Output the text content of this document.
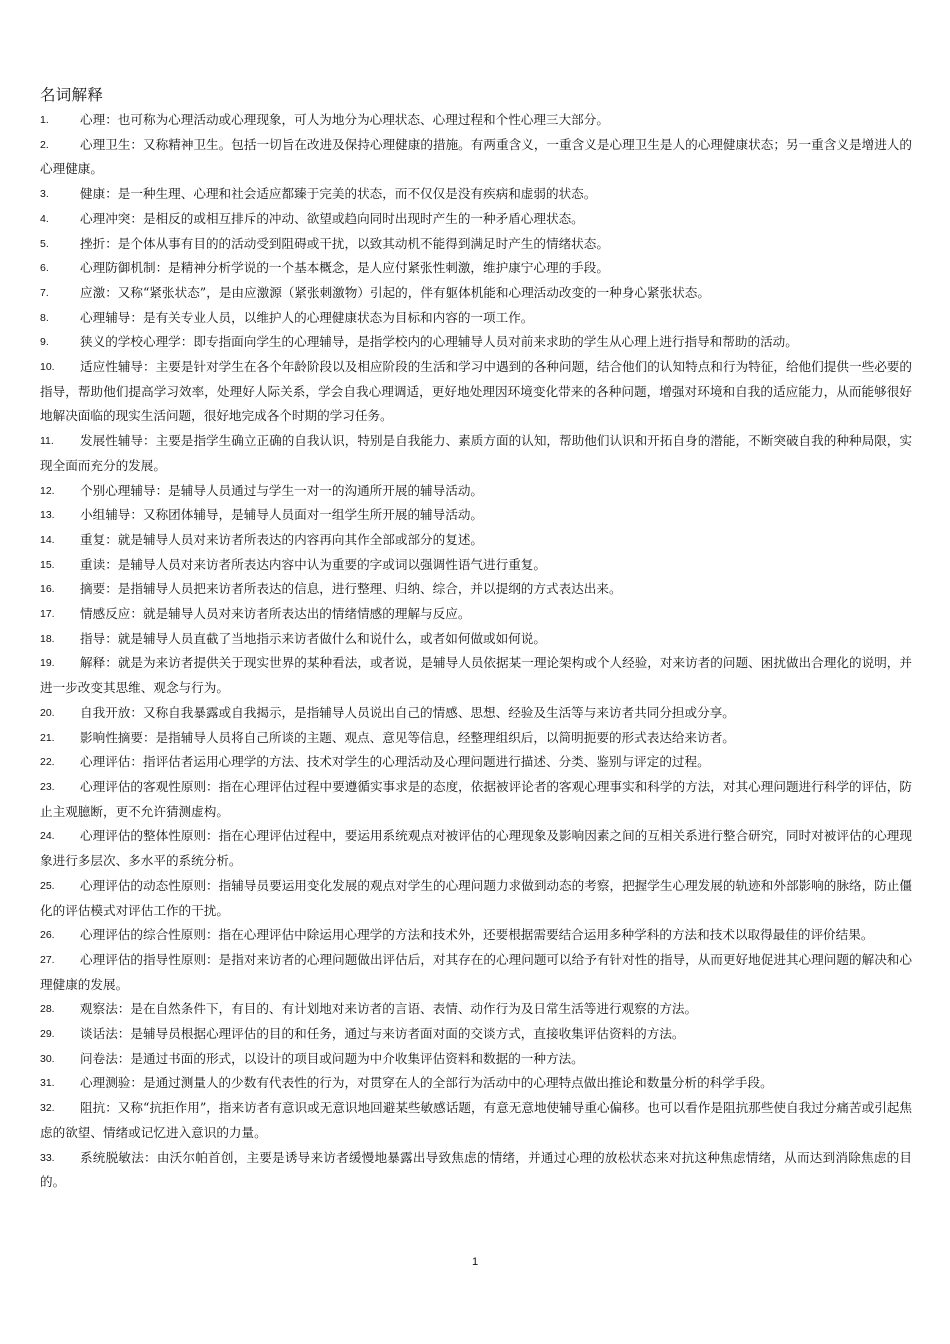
名词解释
1. 心理：也可称为心理活动或心理现象，可人为地分为心理状态、心理过程和个性心理三大部分。
2. 心理卫生：又称精神卫生。包括一切旨在改进及保持心理健康的措施。有两重含义，一重含义是心理卫生是人的心理健康状态；另一重含义是增进人的心理健康。
3. 健康：是一种生理、心理和社会适应都臻于完美的状态，而不仅仅是没有疾病和虚弱的状态。
4. 心理冲突：是相反的或相互排斥的冲动、欲望或趋向同时出现时产生的一种矛盾心理状态。
5. 挫折：是个体从事有目的的活动受到阻碍或干扰，以致其动机不能得到满足时产生的情绪状态。
6. 心理防御机制：是精神分析学说的一个基本概念，是人应付紧张性刺激，维护康宁心理的手段。
7. 应激：又称“紧张状态”，是由应激源（紧张刺激物）引起的，伴有躯体机能和心理活动改变的一种身心紧张状态。
8. 心理辅导：是有关专业人员，以维护人的心理健康状态为目标和内容的一项工作。
9. 狭义的学校心理学：即专指面向学生的心理辅导，是指学校内的心理辅导人员对前来求助的学生从心理上进行指导和帮助的活动。
10. 适应性辅导：主要是针对学生在各个年龄阶段以及相应阶段的生活和学习中遇到的各种问题，结合他们的认知特点和行为特征，给他们提供一些必要的指导，帮助他们提高学习效率，处理好人际关系，学会自我心理调适，更好地处理因环境变化带来的各种问题，增强对环境和自我的适应能力，从而能够很好地解决面临的现实生活问题，很好地完成各个时期的学习任务。
11. 发展性辅导：主要是指学生确立正确的自我认识，特别是自我能力、素质方面的认知，帮助他们认识和开拓自身的潜能，不断突破自我的种种局限，实现全面而充分的发展。
12. 个别心理辅导：是辅导人员通过与学生一对一的沟通所开展的辅导活动。
13. 小组辅导：又称团体辅导，是辅导人员面对一组学生所开展的辅导活动。
14. 重复：就是辅导人员对来访者所表达的内容再向其作全部或部分的复述。
15. 重读：是辅导人员对来访者所表达内容中认为重要的字或词以强调性语气进行重复。
16. 摘要：是指辅导人员把来访者所表达的信息，进行整理、归纳、综合，并以提纲的方式表达出来。
17. 情感反应：就是辅导人员对来访者所表达出的情绪情感的理解与反应。
18. 指导：就是辅导人员直截了当地指示来访者做什么和说什么，或者如何做或如何说。
19. 解释：就是为来访者提供关于现实世界的某种看法，或者说，是辅导人员依据某一理论架构或个人经验，对来访者的问题、困扰做出合理化的说明，并进一步改变其思维、观念与行为。
20. 自我开放：又称自我暴露或自我揭示，是指辅导人员说出自己的情感、思想、经验及生活等与来访者共同分担或分享。
21. 影响性摘要：是指辅导人员将自己所谈的主题、观点、意见等信息，经整理组织后，以简明扼要的形式表达给来访者。
22. 心理评估：指评估者运用心理学的方法、技术对学生的心理活动及心理问题进行描述、分类、鉴别与评定的过程。
23. 心理评估的客观性原则：指在心理评估过程中要遵循实事求是的态度，依据被评论者的客观心理事实和科学的方法，对其心理问题进行科学的评估，防止主观臆断，更不允许猜测虚构。
24. 心理评估的整体性原则：指在心理评估过程中，要运用系统观点对被评估的心理现象及影响因素之间的互相关系进行整合研究，同时对被评估的心理现象进行多层次、多水平的系统分析。
25. 心理评估的动态性原则：指辅导员要运用变化发展的观点对学生的心理问题力求做到动态的考察，把握学生心理发展的轨迹和外部影响的脉络，防止僵化的评估模式对评估工作的干扰。
26. 心理评估的综合性原则：指在心理评估中除运用心理学的方法和技术外，还要根据需要结合运用多种学科的方法和技术以取得最佳的评价结果。
27. 心理评估的指导性原则：是指对来访者的心理问题做出评估后，对其存在的心理问题可以给予有针对性的指导，从而更好地促进其心理问题的解决和心理健康的发展。
28. 观察法：是在自然条件下，有目的、有计划地对来访者的言语、表情、动作行为及日常生活等进行观察的方法。
29. 谈话法：是辅导员根据心理评估的目的和任务，通过与来访者面对面的交谈方式，直接收集评估资料的方法。
30. 问卷法：是通过书面的形式，以设计的项目或问题为中介收集评估资料和数据的一种方法。
31. 心理测验：是通过测量人的少数有代表性的行为，对贯穿在人的全部行为活动中的心理特点做出推论和数量分析的科学手段。
32. 阻抗：又称“抗拒作用”，指来访者有意识或无意识地回避某些敏感话题，有意无意地使辅导重心偏移。也可以看作是阻抗那些使自我过分痛苦或引起焦虑的欲望、情绪或记忆进入意识的力量。
33. 系统脱敏法：由沃尔帕首创，主要是诱导来访者缓慢地暴露出导致焦虑的情绪，并通过心理的放松状态来对抗这种焦虑情绪，从而达到消除焦虑的目的。
1
